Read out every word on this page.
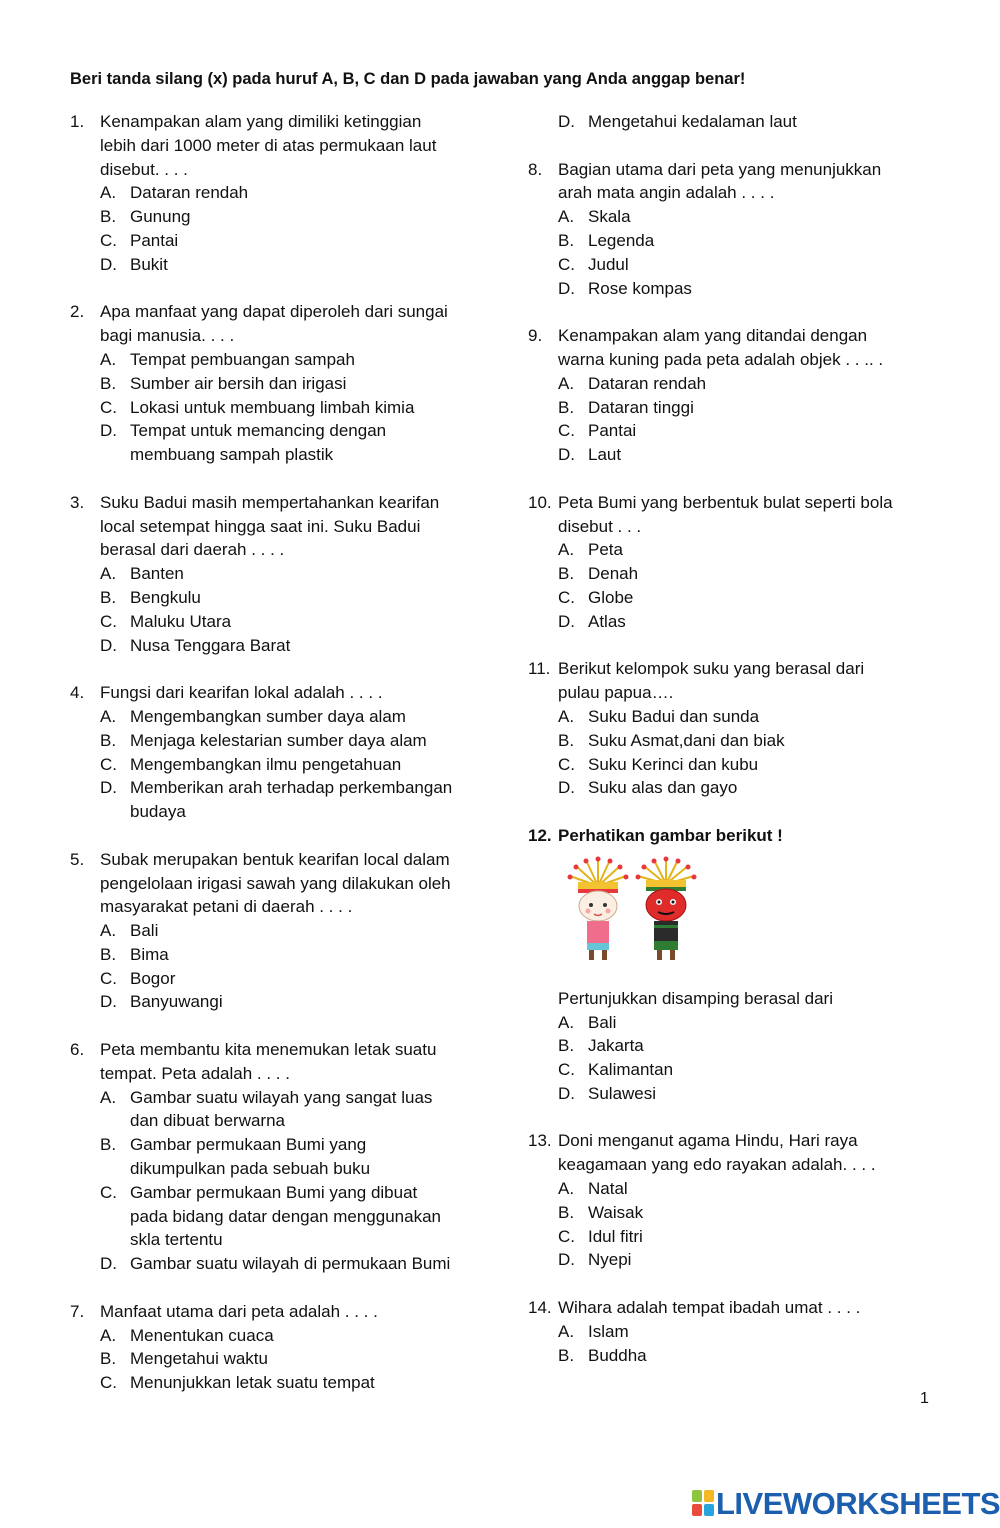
Beri tanda silang (x) pada huruf A, B, C dan D pada jawaban yang Anda anggap benar!
1. Kenampakan alam yang dimiliki ketinggian
lebih dari 1000 meter di atas permukaan laut
disebut. . . .
A. Dataran rendah
B. Gunung
C. Pantai
D. Bukit
2. Apa manfaat yang dapat diperoleh dari sungai
bagi manusia. . . .
A. Tempat pembuangan sampah
B. Sumber air bersih dan irigasi
C. Lokasi untuk membuang limbah kimia
D. Tempat untuk memancing dengan
membuang sampah plastik
3. Suku Badui masih mempertahankan kearifan
local setempat hingga saat ini. Suku Badui
berasal dari daerah . . . .
A. Banten
B. Bengkulu
C. Maluku Utara
D. Nusa Tenggara Barat
4. Fungsi dari kearifan lokal adalah . . . .
A. Mengembangkan sumber daya alam
B. Menjaga kelestarian sumber daya alam
C. Mengembangkan ilmu pengetahuan
D. Memberikan arah terhadap perkembangan
budaya
5. Subak merupakan bentuk kearifan local dalam
pengelolaan irigasi sawah yang dilakukan oleh
masyarakat petani di daerah . . . .
A. Bali
B. Bima
C. Bogor
D. Banyuwangi
6. Peta membantu kita menemukan letak suatu
tempat. Peta adalah . . . .
A. Gambar suatu wilayah yang sangat luas
dan dibuat berwarna
B. Gambar permukaan Bumi yang
dikumpulkan pada sebuah buku
C. Gambar permukaan Bumi yang dibuat
pada bidang datar dengan menggunakan
skla tertentu
D. Gambar suatu wilayah di permukaan Bumi
7. Manfaat utama dari peta adalah . . . .
A. Menentukan cuaca
B. Mengetahui waktu
C. Menunjukkan letak suatu tempat
D. Mengetahui kedalaman laut
8. Bagian utama dari peta yang menunjukkan
arah mata angin adalah . . . .
A. Skala
B. Legenda
C. Judul
D. Rose kompas
9. Kenampakan alam yang ditandai dengan
warna kuning pada peta adalah objek . . .. .
A. Dataran rendah
B. Dataran tinggi
C. Pantai
D. Laut
10. Peta Bumi yang berbentuk bulat seperti bola
disebut . . .
A. Peta
B. Denah
C. Globe
D. Atlas
11. Berikut kelompok suku yang berasal dari
pulau papua….
A. Suku Badui dan sunda
B. Suku Asmat,dani dan biak
C. Suku Kerinci dan kubu
D. Suku alas dan gayo
12. Perhatikan gambar berikut !
Pertunjukkan disamping berasal dari
A. Bali
B. Jakarta
C. Kalimantan
D. Sulawesi
13. Doni menganut agama Hindu, Hari raya
keagamaan yang edo rayakan adalah. . . .
A. Natal
B. Waisak
C. Idul fitri
D. Nyepi
14. Wihara adalah tempat ibadah umat . . . .
A. Islam
B. Buddha
1
LIVEWORKSHEETS
